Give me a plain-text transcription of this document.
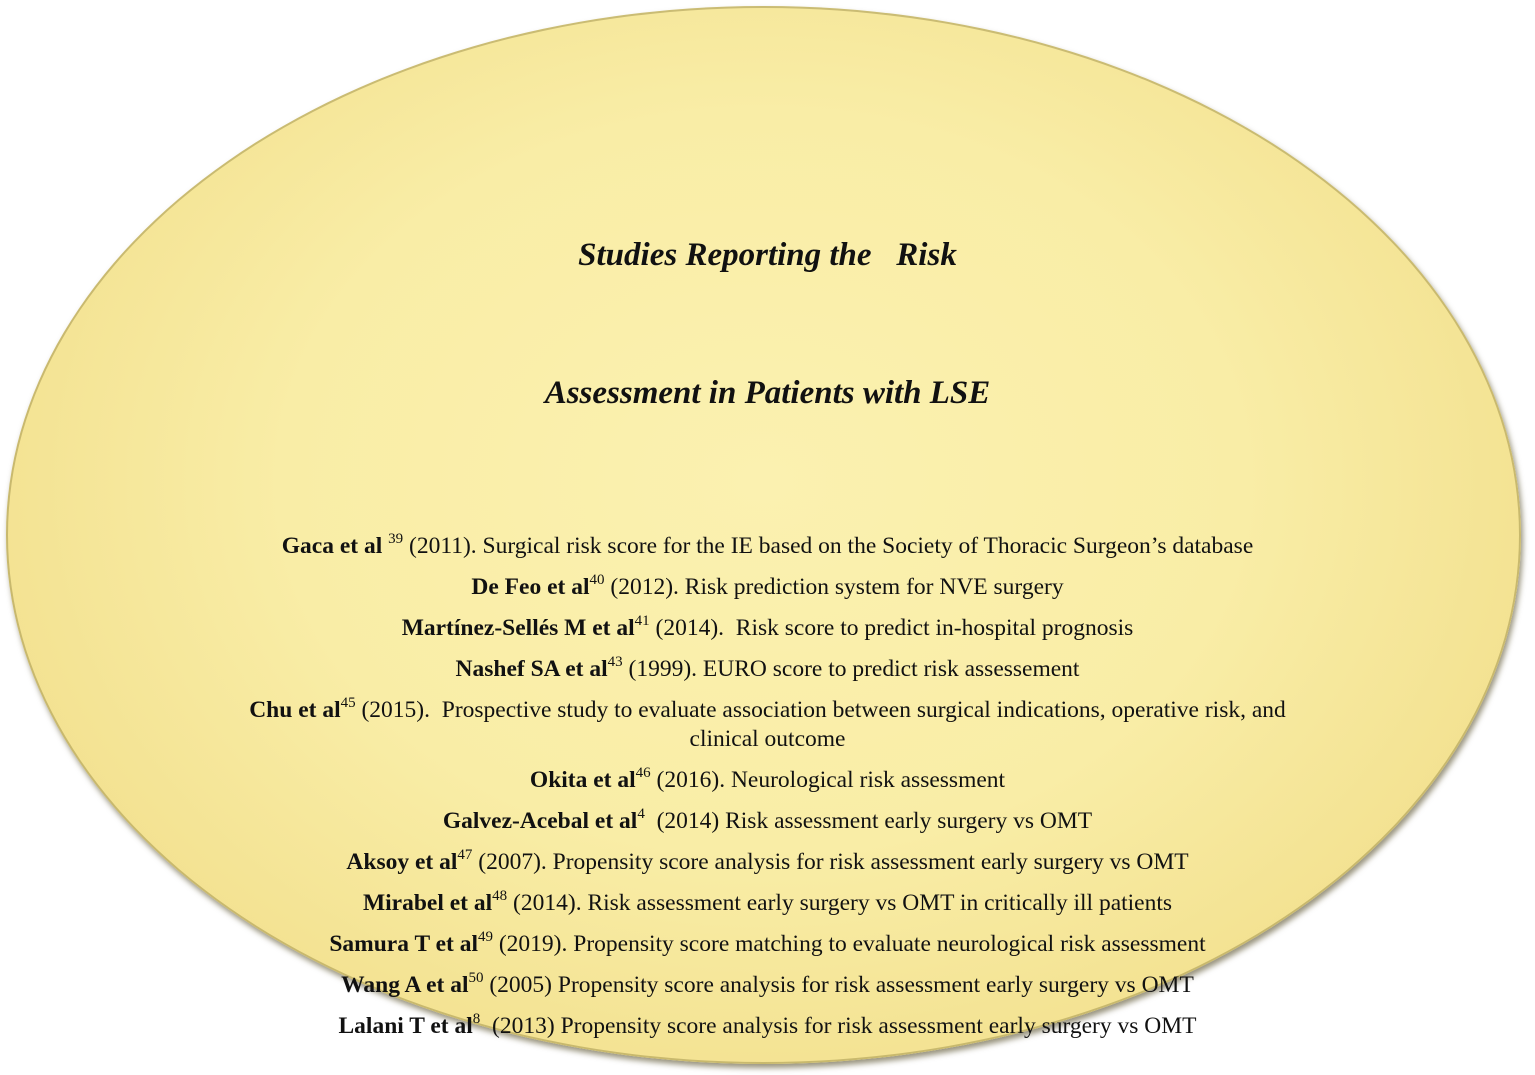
Studies Reporting the   Risk

Assessment in Patients with LSE

Gaca et al $^{39}$ (2011). Surgical risk score for the IE based on the Society of Thoracic Surgeon’s database
De Feo et $al^{40}$ (2012). Risk prediction system for NVE surgery
Martínez-Sellés M et $al^{41}$ (2014).  Risk score to predict in-hospital prognosis
Nashef SA et $al^{43}$ (1999). EURO score to predict risk assessement
Chu et $al^{45}$ (2015).  Prospective study to evaluate association between surgical indications, operative risk, and clinical outcome
Okita et $al^{46}$ (2016). Neurological risk assessment
Galvez-Acebal et $al^4$  (2014) Risk assessment early surgery vs OMT
Aksoy et $al^{47}$ (2007). Propensity score analysis for risk assessment early surgery vs OMT
Mirabel et $al^{48}$ (2014). Risk assessment early surgery vs OMT in critically ill patients
Samura T et $al^{49}$ (2019). Propensity score matching to evaluate neurological risk assessment
Wang A et $al^{50}$ (2005) Propensity score analysis for risk assessment early surgery vs OMT
Lalani T et $al^8$  (2013) Propensity score analysis for risk assessment early surgery vs OMT
